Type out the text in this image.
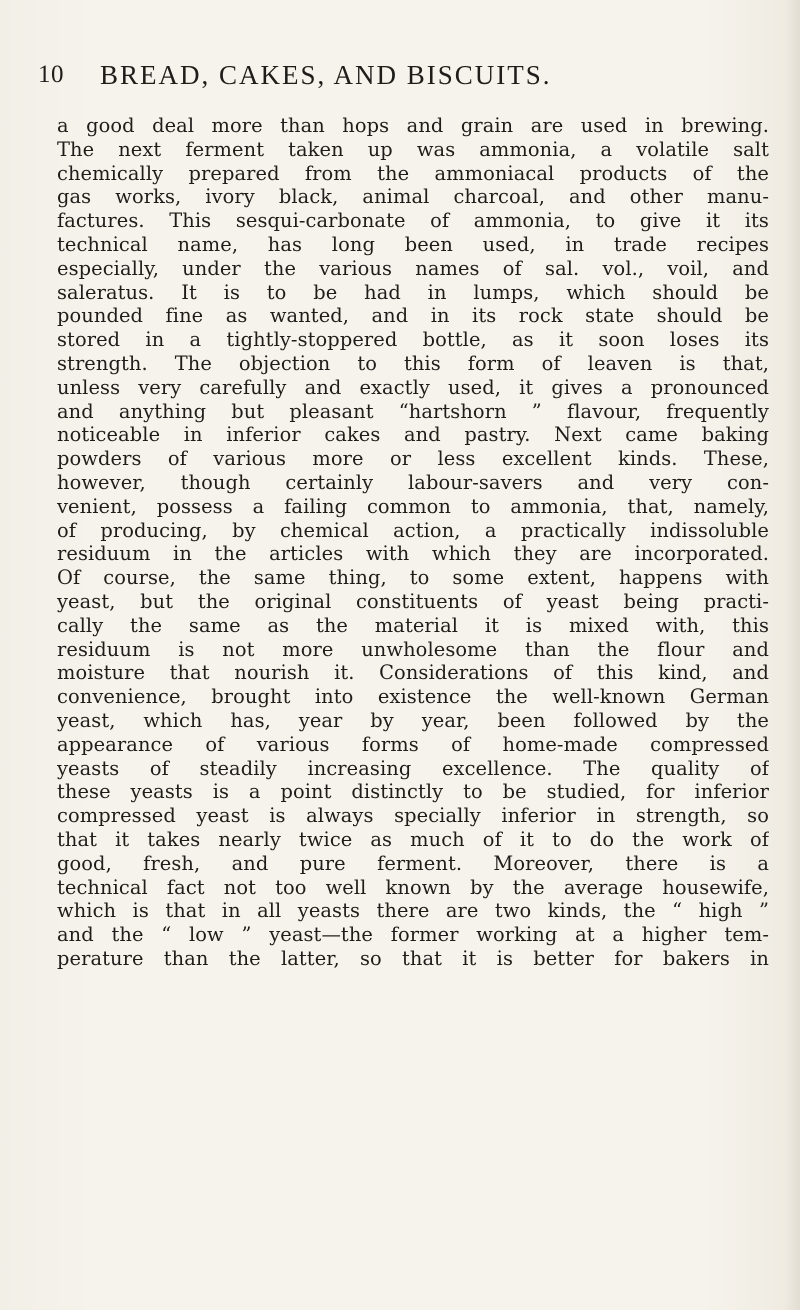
10 BREAD, CAKES, AND BISCUITS.
a good deal more than hops and grain are used in brewing.
The next ferment taken up was ammonia, a volatile salt
chemically prepared from the ammoniacal products of the
gas works, ivory black, animal charcoal, and other manu-
factures. This sesqui-carbonate of ammonia, to give it its
technical name, has long been used, in trade recipes
especially, under the various names of sal. vol., voil, and
saleratus. It is to be had in lumps, which should be
pounded fine as wanted, and in its rock state should be
stored in a tightly-stoppered bottle, as it soon loses its
strength. The objection to this form of leaven is that,
unless very carefully and exactly used, it gives a pronounced
and anything but pleasant “hartshorn ” flavour, frequently
noticeable in inferior cakes and pastry. Next came baking
powders of various more or less excellent kinds. These,
however, though certainly labour-savers and very con-
venient, possess a failing common to ammonia, that, namely,
of producing, by chemical action, a practically indissoluble
residuum in the articles with which they are incorporated.
Of course, the same thing, to some extent, happens with
yeast, but the original constituents of yeast being practi-
cally the same as the material it is mixed with, this
residuum is not more unwholesome than the flour and
moisture that nourish it. Considerations of this kind, and
convenience, brought into existence the well-known German
yeast, which has, year by year, been followed by the
appearance of various forms of home-made compressed
yeasts of steadily increasing excellence. The quality of
these yeasts is a point distinctly to be studied, for inferior
compressed yeast is always specially inferior in strength, so
that it takes nearly twice as much of it to do the work of
good, fresh, and pure ferment. Moreover, there is a
technical fact not too well known by the average housewife,
which is that in all yeasts there are two kinds, the “ high ”
and the “ low ” yeast—the former working at a higher tem-
perature than the latter, so that it is better for bakers in
